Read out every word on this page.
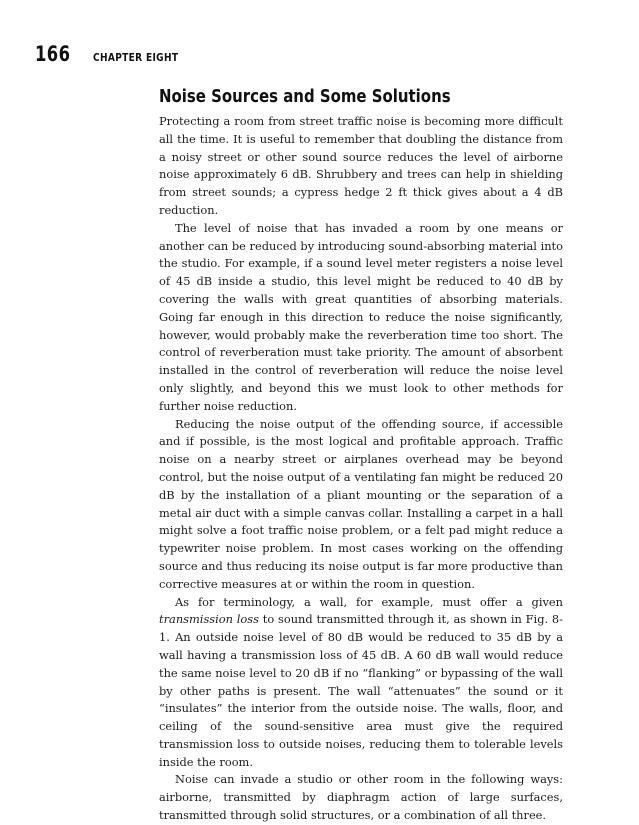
166 CHAPTER EIGHT
Noise Sources and Some Solutions

Protecting a room from street traffic noise is becoming more difficult all the time. It is useful to remember that doubling the distance from a noisy street or other sound source reduces the level of airborne noise approximately 6 dB. Shrubbery and trees can help in shielding from street sounds; a cypress hedge 2 ft thick gives about a 4 dB reduction.

The level of noise that has invaded a room by one means or another can be reduced by introducing sound-absorbing material into the studio. For example, if a sound level meter registers a noise level of 45 dB inside a studio, this level might be reduced to 40 dB by covering the walls with great quantities of absorbing materials. Going far enough in this direction to reduce the noise significantly, however, would probably make the reverberation time too short. The control of reverberation must take priority. The amount of absorbent installed in the control of reverberation will reduce the noise level only slightly, and beyond this we must look to other methods for further noise reduction.

Reducing the noise output of the offending source, if accessible and if possible, is the most logical and profitable approach. Traffic noise on a nearby street or airplanes overhead may be beyond control, but the noise output of a ventilating fan might be reduced 20 dB by the installation of a pliant mounting or the separation of a metal air duct with a simple canvas collar. Installing a carpet in a hall might solve a foot traffic noise problem, or a felt pad might reduce a typewriter noise problem. In most cases working on the offending source and thus reducing its noise output is far more productive than corrective measures at or within the room in question.

As for terminology, a wall, for example, must offer a given transmission loss to sound transmitted through it, as shown in Fig. 8-1. An outside noise level of 80 dB would be reduced to 35 dB by a wall having a transmission loss of 45 dB. A 60 dB wall would reduce the same noise level to 20 dB if no “flanking” or bypassing of the wall by other paths is present. The wall “attenuates” the sound or it “insulates” the interior from the outside noise. The walls, floor, and ceiling of the sound-sensitive area must give the required transmission loss to outside noises, reducing them to tolerable levels inside the room.

Noise can invade a studio or other room in the following ways: airborne, transmitted by diaphragm action of large surfaces, transmitted through solid structures, or a combination of all three.
